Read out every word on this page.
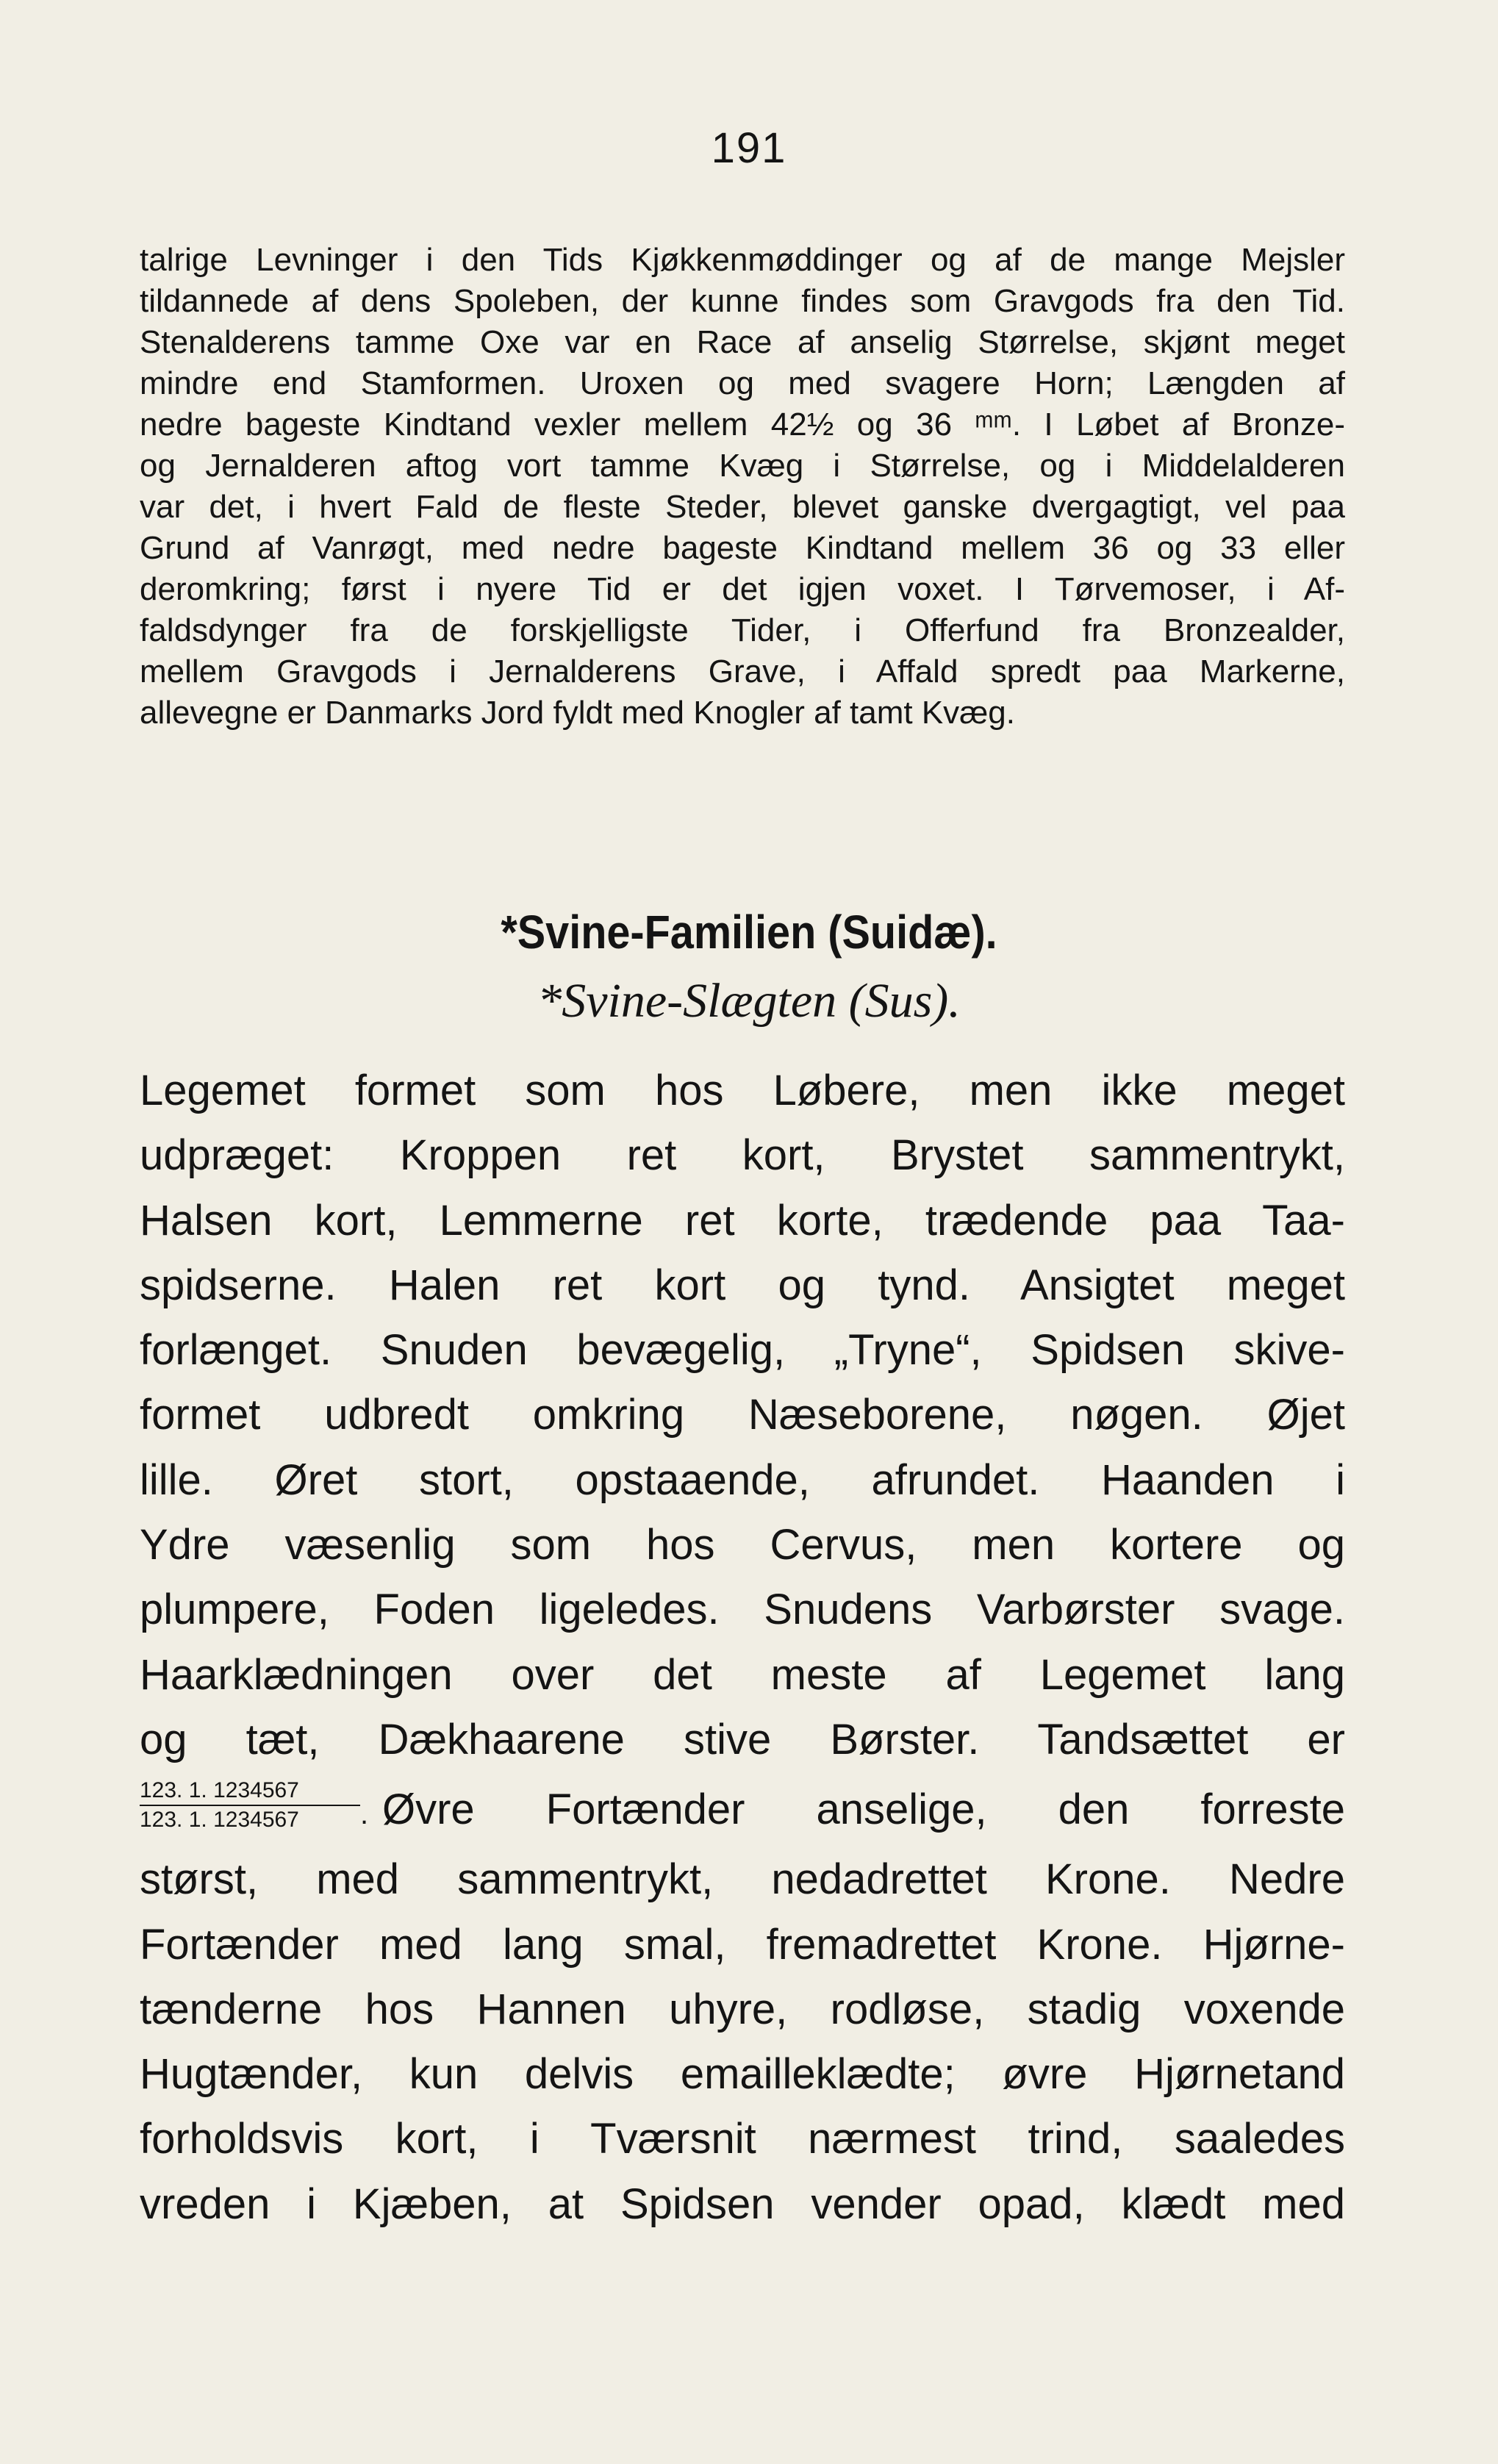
191
talrige Levninger i den Tids Kjøkkenmøddinger og af de mange Mejsler
tildannede af dens Spoleben, der kunne findes som Gravgods fra den Tid.
Stenalderens tamme Oxe var en Race af anselig Størrelse, skjønt meget
mindre end Stamformen. Uroxen og med svagere Horn; Længden af
nedre bageste Kindtand vexler mellem 42½ og 36 ᵐᵐ. I Løbet af Bronze-
og Jernalderen aftog vort tamme Kvæg i Størrelse, og i Middelalderen
var det, i hvert Fald de fleste Steder, blevet ganske dvergagtigt, vel paa
Grund af Vanrøgt, med nedre bageste Kindtand mellem 36 og 33 eller
deromkring; først i nyere Tid er det igjen voxet. I Tørvemoser, i Af-
faldsdynger fra de forskjelligste Tider, i Offerfund fra Bronzealder,
mellem Gravgods i Jernalderens Grave, i Affald spredt paa Markerne,
allevegne er Danmarks Jord fyldt med Knogler af tamt Kvæg.
*Svine-Familien (Suidæ).
*Svine-Slægten (Sus).
Legemet formet som hos Løbere, men ikke meget
udpræget: Kroppen ret kort, Brystet sammentrykt,
Halsen kort, Lemmerne ret korte, trædende paa Taa-
spidserne. Halen ret kort og tynd. Ansigtet meget
forlænget. Snuden bevægelig, „Tryne“, Spidsen skive-
formet udbredt omkring Næseborene, nøgen. Øjet
lille. Øret stort, opstaaende, afrundet. Haanden i
Ydre væsenlig som hos Cervus, men kortere og
plumpere, Foden ligeledes. Snudens Varbørster svage.
Haarklædningen over det meste af Legemet lang
og tæt, Dækhaarene stive Børster. Tandsættet er
123. 1. 1234567
123. 1. 1234567	. Øvre Fortænder anselige, den forreste
størst, med sammentrykt, nedadrettet Krone. Nedre
Fortænder med lang smal, fremadrettet Krone. Hjørne-
tænderne hos Hannen uhyre, rodløse, stadig voxende
Hugtænder, kun delvis emailleklædte; øvre Hjørnetand
forholdsvis kort, i Tværsnit nærmest trind, saaledes
vreden i Kjæben, at Spidsen vender opad, klædt med
